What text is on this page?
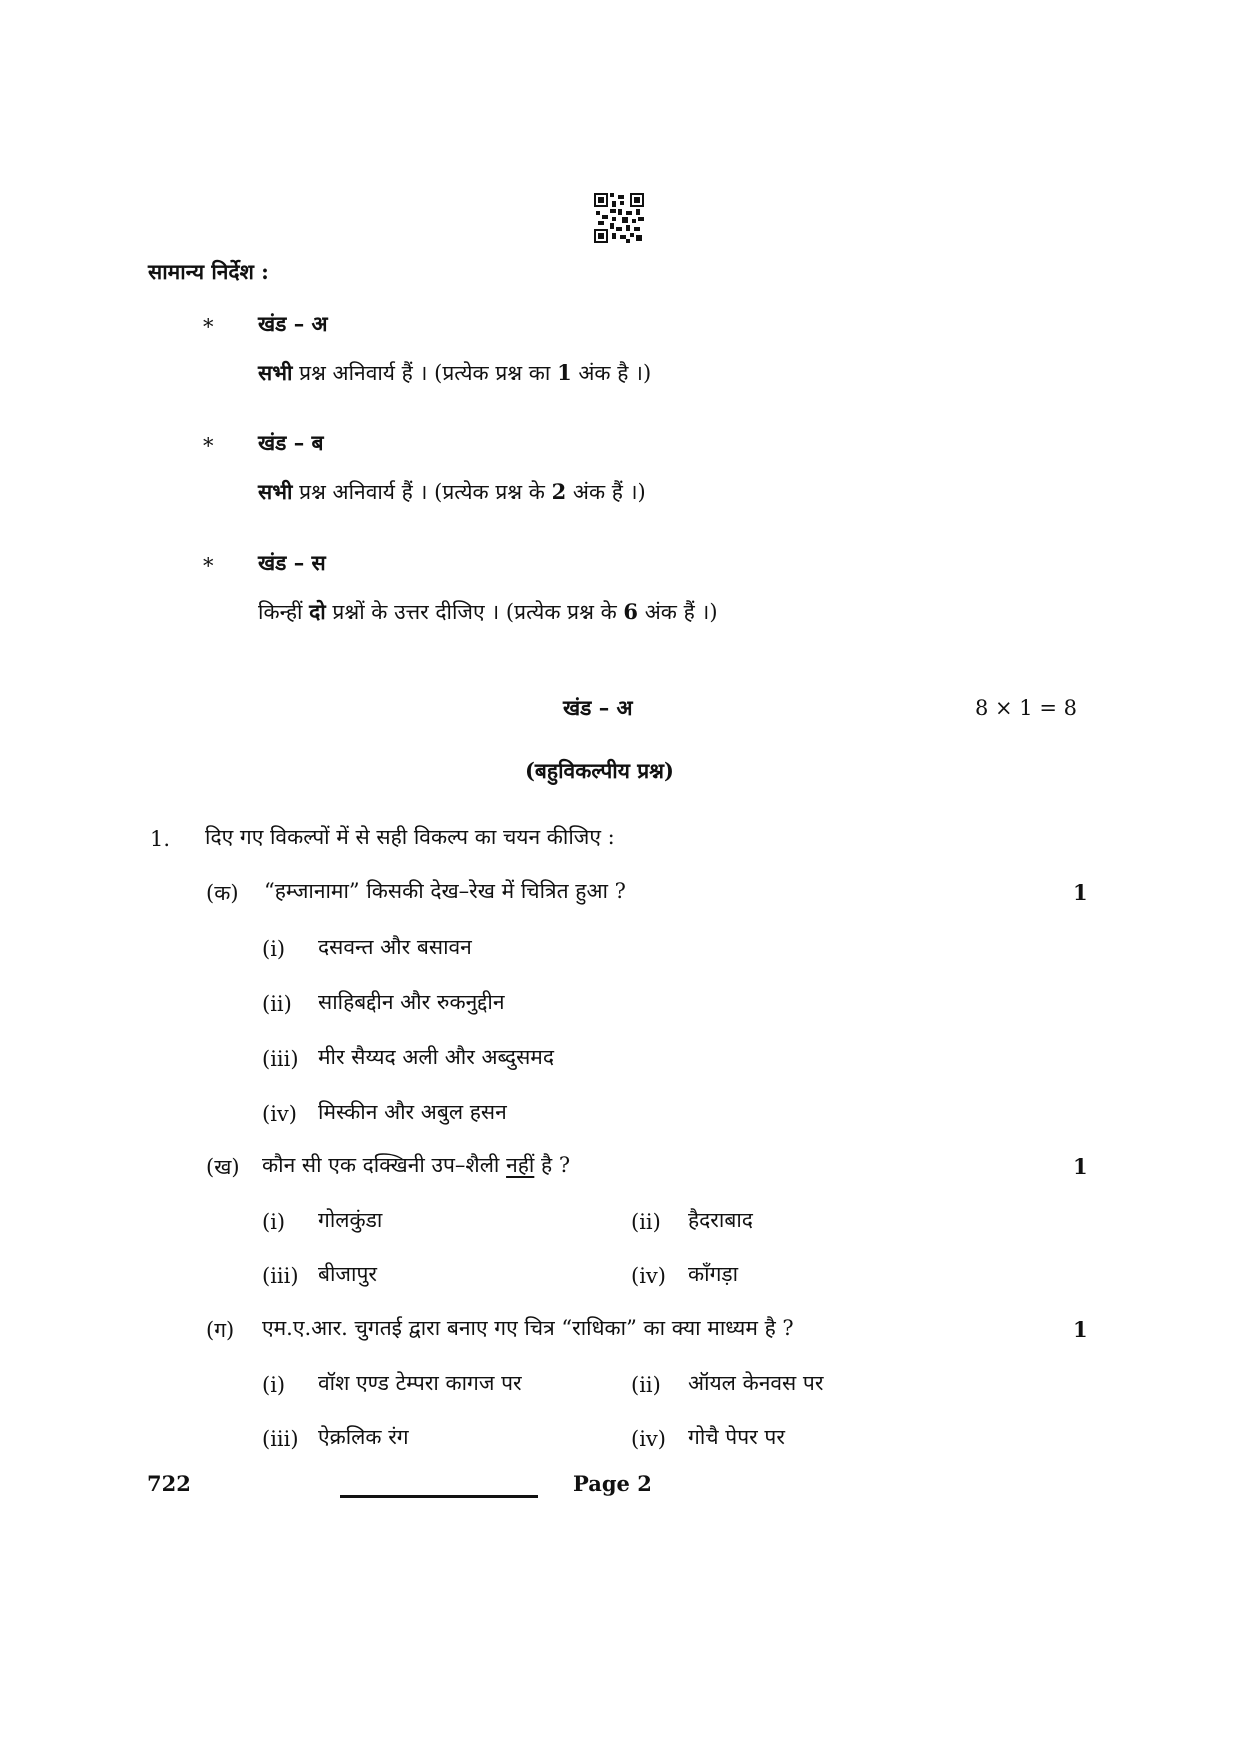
सामान्य निर्देश :
* खंड – अ
सभी प्रश्न अनिवार्य हैं । (प्रत्येक प्रश्न का 1 अंक है ।)
* खंड – ब
सभी प्रश्न अनिवार्य हैं । (प्रत्येक प्रश्न के 2 अंक हैं ।)
* खंड – स
किन्हीं दो प्रश्नों के उत्तर दीजिए । (प्रत्येक प्रश्न के 6 अंक हैं ।)
खंड – अ	8 × 1 = 8
(बहुविकल्पीय प्रश्न)
1. दिए गए विकल्पों में से सही विकल्प का चयन कीजिए :
(क) “हम्जानामा” किसकी देख–रेख में चित्रित हुआ ?	1
(i) दसवन्त और बसावन
(ii) साहिबद्दीन और रुकनुद्दीन
(iii) मीर सैय्यद अली और अब्दुसमद
(iv) मिस्कीन और अबुल हसन
(ख) कौन सी एक दक्खिनी उप–शैली नहीं है ?	1
(i) गोलकुंडा	(ii) हैदराबाद
(iii) बीजापुर	(iv) काँगड़ा
(ग) एम.ए.आर. चुगतई द्वारा बनाए गए चित्र “राधिका” का क्या माध्यम है ?	1
(i) वॉश एण्ड टेम्परा कागज पर	(ii) ऑयल केनवस पर
(iii) ऐक्रलिक रंग	(iv) गोचै पेपर पर
722	Page 2
